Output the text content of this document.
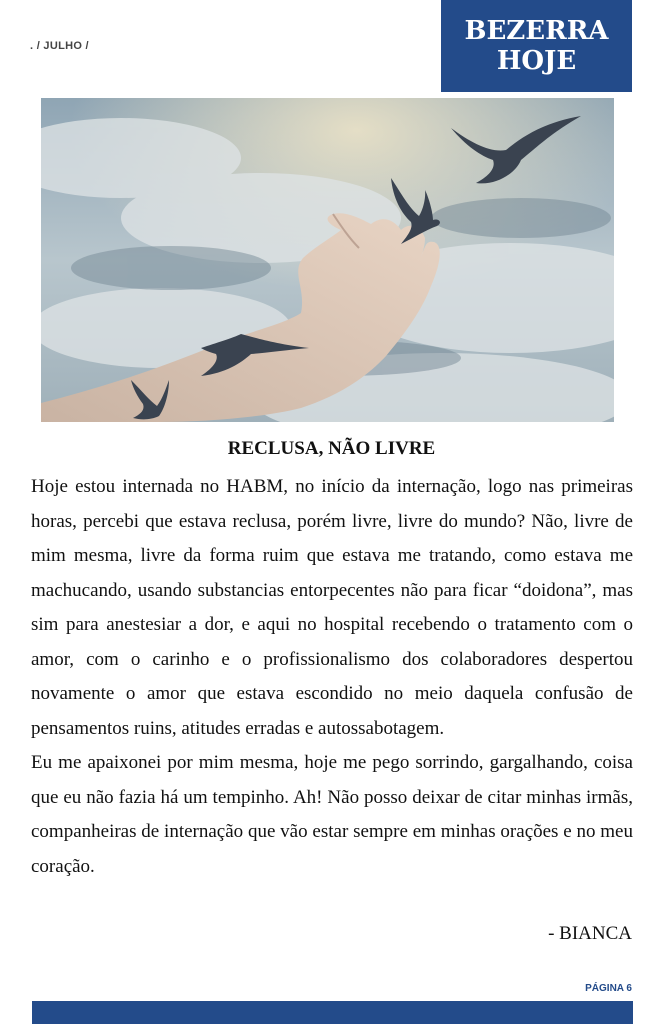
. / JULHO /	BEZERRA
HOJE
RECLUSA, NÃO LIVRE

Hoje estou internada no HABM, no início da internação, logo nas primeiras horas, percebi que estava reclusa, porém livre, livre do mundo? Não, livre de mim mesma, livre da forma ruim que estava me tratando, como estava me machucando, usando substancias entorpecentes não para ficar “doidona”, mas sim para anestesiar a dor, e aqui no hospital recebendo o tratamento com o amor, com o carinho e o profissionalismo dos colaboradores despertou novamente o amor que estava escondido no meio daquela confusão de pensamentos ruins, atitudes erradas e autossabotagem.

Eu me apaixonei por mim mesma, hoje me pego sorrindo, gargalhando, coisa que eu não fazia há um tempinho. Ah! Não posso deixar de citar minhas irmãs, companheiras de internação que vão estar sempre em minhas orações e no meu coração.

- BIANCA
PÁGINA 6
